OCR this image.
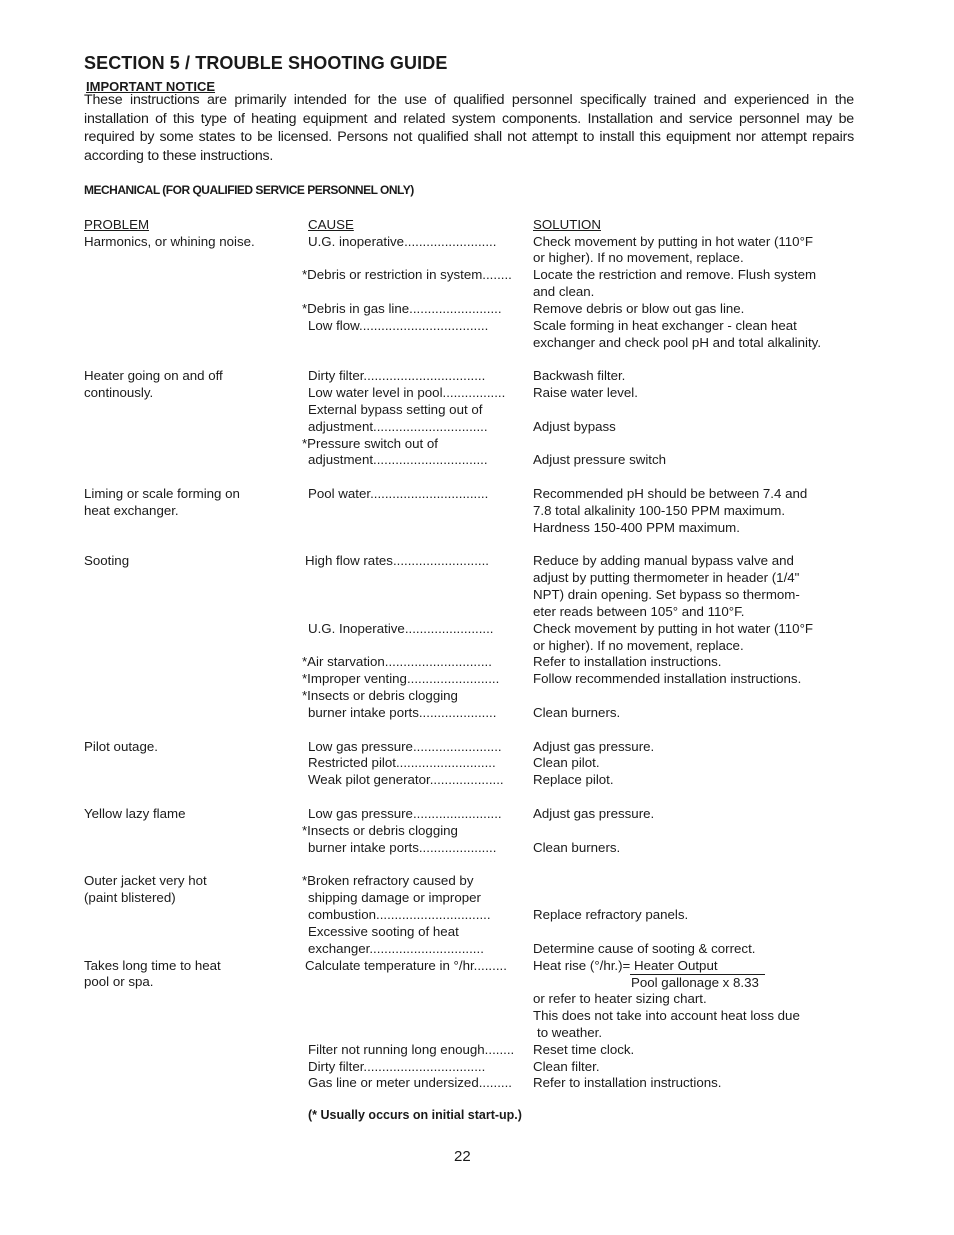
SECTION 5 / TROUBLE SHOOTING GUIDE
IMPORTANT NOTICE
These instructions are primarily intended for the use of qualified personnel specifically trained and experienced in the installation of this type of heating equipment and related system components. Installation and service personnel may be required by some states to be licensed. Persons not qualified shall not attempt to install this equipment nor attempt repairs according to these instructions.
MECHANICAL (FOR QUALIFIED SERVICE PERSONNEL ONLY)
PROBLEM	CAUSE	SOLUTION
Harmonics, or whining noise.
Heater going on and off
continously.
Liming or scale forming on
heat exchanger.
Sooting
Pilot outage.
Yellow lazy flame
Outer jacket very hot
(paint blistered)
Takes long time to heat
pool or spa.
U.G. inoperative.........................
*Debris or restriction in system........
*Debris in gas line.........................
Low flow...................................
Dirty filter.................................
Low water level in pool.................
External bypass setting out of
adjustment...............................
*Pressure switch out of
adjustment...............................
Pool water................................
High flow rates..........................
U.G. Inoperative........................
*Air starvation.............................
*Improper venting.........................
*Insects or debris clogging
burner intake ports.....................
Low gas pressure........................
Restricted pilot...........................
Weak pilot generator....................
Low gas pressure........................
*Insects or debris clogging
burner intake ports.....................
*Broken refractory caused by
shipping damage or improper
combustion...............................
Excessive sooting of heat
exchanger...............................
Calculate temperature in °/hr.........
Filter not running long enough........
Dirty filter.................................
Gas line or meter undersized.........
Check movement by putting in hot water (110°F
or higher). If no movement, replace.
Locate the restriction and remove. Flush system
and clean.
Remove debris or blow out gas line.
Scale forming in heat exchanger - clean heat
exchanger and check pool pH and total alkalinity.
Backwash filter.
Raise water level.
Adjust bypass
Adjust pressure switch
Recommended pH should be between 7.4 and
7.8 total alkalinity 100-150 PPM maximum.
Hardness 150-400 PPM maximum.
Reduce by adding manual bypass valve and
adjust by putting thermometer in header (1/4"
NPT) drain opening. Set bypass so thermom-
eter reads between 105° and 110°F.
Check movement by putting in hot water (110°F
or higher). If no movement, replace.
Refer to installation instructions.
Follow recommended installation instructions.
Clean burners.
Adjust gas pressure.
Clean pilot.
Replace pilot.
Adjust gas pressure.
Clean burners.
Replace refractory panels.
Determine cause of sooting & correct.
Heat rise (°/hr.)= Heater Output
Pool gallonage x 8.33
or refer to heater sizing chart.
This does not take into account heat loss due
to weather.
Reset time clock.
Clean filter.
Refer to installation instructions.
(* Usually occurs on initial start-up.)
22
